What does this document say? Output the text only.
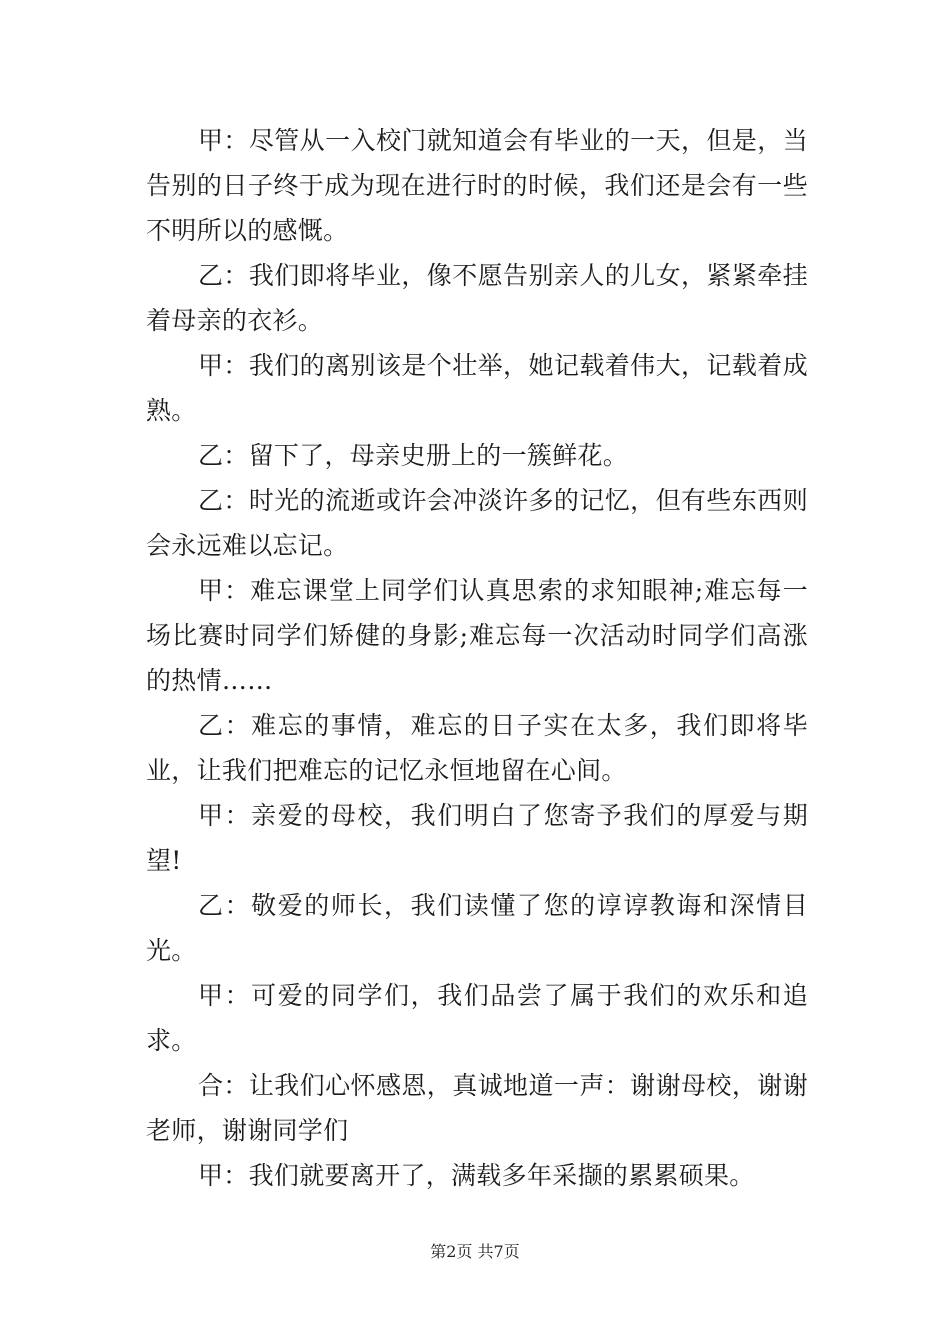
甲：尽管从一入校门就知道会有毕业的一天，但是，当告别的日子终于成为现在进行时的时候，我们还是会有一些不明所以的感慨。

乙：我们即将毕业，像不愿告别亲人的儿女，紧紧牵挂着母亲的衣衫。

甲：我们的离别该是个壮举，她记载着伟大，记载着成熟。

乙：留下了，母亲史册上的一簇鲜花。

乙：时光的流逝或许会冲淡许多的记忆，但有些东西则会永远难以忘记。

甲：难忘课堂上同学们认真思索的求知眼神;难忘每一场比赛时同学们矫健的身影;难忘每一次活动时同学们高涨的热情……

乙：难忘的事情，难忘的日子实在太多，我们即将毕业，让我们把难忘的记忆永恒地留在心间。

甲：亲爱的母校，我们明白了您寄予我们的厚爱与期望!

乙：敬爱的师长，我们读懂了您的谆谆教诲和深情目光。

甲：可爱的同学们，我们品尝了属于我们的欢乐和追求。

合：让我们心怀感恩，真诚地道一声：谢谢母校，谢谢老师，谢谢同学们

甲：我们就要离开了，满载多年采撷的累累硕果。

第2页 共7页
